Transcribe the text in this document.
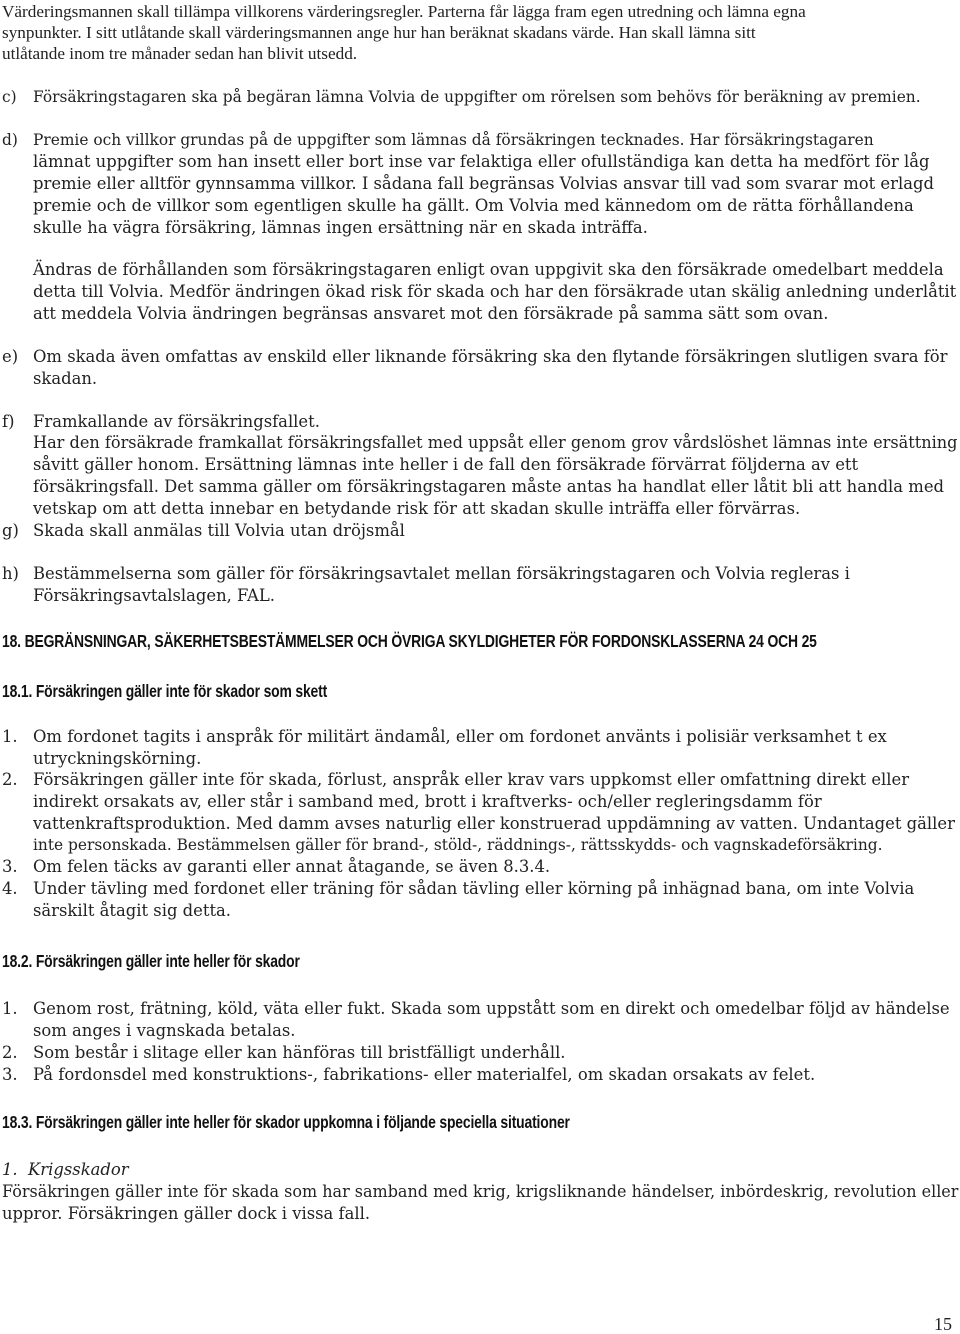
Värderingsmannen skall tillämpa villkorens värderingsregler. Parterna får lägga fram egen utredning och lämna egna
synpunkter. I sitt utlåtande skall värderingsmannen ange hur han beräknat skadans värde. Han skall lämna sitt
utlåtande inom tre månader sedan han blivit utsedd.
c) Försäkringstagaren ska på begäran lämna Volvia de uppgifter om rörelsen som behövs för beräkning av premien.
d) Premie och villkor grundas på de uppgifter som lämnas då försäkringen tecknades. Har försäkringstagaren
lämnat uppgifter som han insett eller bort inse var felaktiga eller ofullständiga kan detta ha medfört för låg
premie eller alltför gynnsamma villkor. I sådana fall begränsas Volvias ansvar till vad som svarar mot erlagd
premie och de villkor som egentligen skulle ha gällt. Om Volvia med kännedom om de rätta förhållandena
skulle ha vägra försäkring, lämnas ingen ersättning när en skada inträffa.
Ändras de förhållanden som försäkringstagaren enligt ovan uppgivit ska den försäkrade omedelbart meddela
detta till Volvia. Medför ändringen ökad risk för skada och har den försäkrade utan skälig anledning underlåtit
att meddela Volvia ändringen begränsas ansvaret mot den försäkrade på samma sätt som ovan.
e) Om skada även omfattas av enskild eller liknande försäkring ska den flytande försäkringen slutligen svara för
skadan.
f) Framkallande av försäkringsfallet.
Har den försäkrade framkallat försäkringsfallet med uppsåt eller genom grov vårdslöshet lämnas inte ersättning
såvitt gäller honom. Ersättning lämnas inte heller i de fall den försäkrade förvärrat följderna av ett
försäkringsfall. Det samma gäller om försäkringstagaren måste antas ha handlat eller låtit bli att handla med
vetskap om att detta innebar en betydande risk för att skadan skulle inträffa eller förvärras.
g) Skada skall anmälas till Volvia utan dröjsmål
h) Bestämmelserna som gäller för försäkringsavtalet mellan försäkringstagaren och Volvia regleras i
Försäkringsavtalslagen, FAL.
18. BEGRÄNSNINGAR, SÄKERHETSBESTÄMMELSER OCH ÖVRIGA SKYLDIGHETER FÖR FORDONSKLASSERNA 24 OCH 25
18.1. Försäkringen gäller inte för skador som skett
1. Om fordonet tagits i anspråk för militärt ändamål, eller om fordonet använts i polisiär verksamhet t ex
utryckningskörning.
2. Försäkringen gäller inte för skada, förlust, anspråk eller krav vars uppkomst eller omfattning direkt eller
indirekt orsakats av, eller står i samband med, brott i kraftverks- och/eller regleringsdamm för
vattenkraftsproduktion. Med damm avses naturlig eller konstruerad uppdämning av vatten. Undantaget gäller
inte personskada. Bestämmelsen gäller för brand-, stöld-, räddnings-, rättsskydds- och vagnskadeförsäkring.
3. Om felen täcks av garanti eller annat åtagande, se även 8.3.4.
4. Under tävling med fordonet eller träning för sådan tävling eller körning på inhägnad bana, om inte Volvia
särskilt åtagit sig detta.
18.2. Försäkringen gäller inte heller för skador
1. Genom rost, frätning, köld, väta eller fukt. Skada som uppstått som en direkt och omedelbar följd av händelse
som anges i vagnskada betalas.
2. Som består i slitage eller kan hänföras till bristfälligt underhåll.
3. På fordonsdel med konstruktions-, fabrikations- eller materialfel, om skadan orsakats av felet.
18.3. Försäkringen gäller inte heller för skador uppkomna i följande speciella situationer
1.  Krigsskador
Försäkringen gäller inte för skada som har samband med krig, krigsliknande händelser, inbördeskrig, revolution eller
uppror. Försäkringen gäller dock i vissa fall.
15
